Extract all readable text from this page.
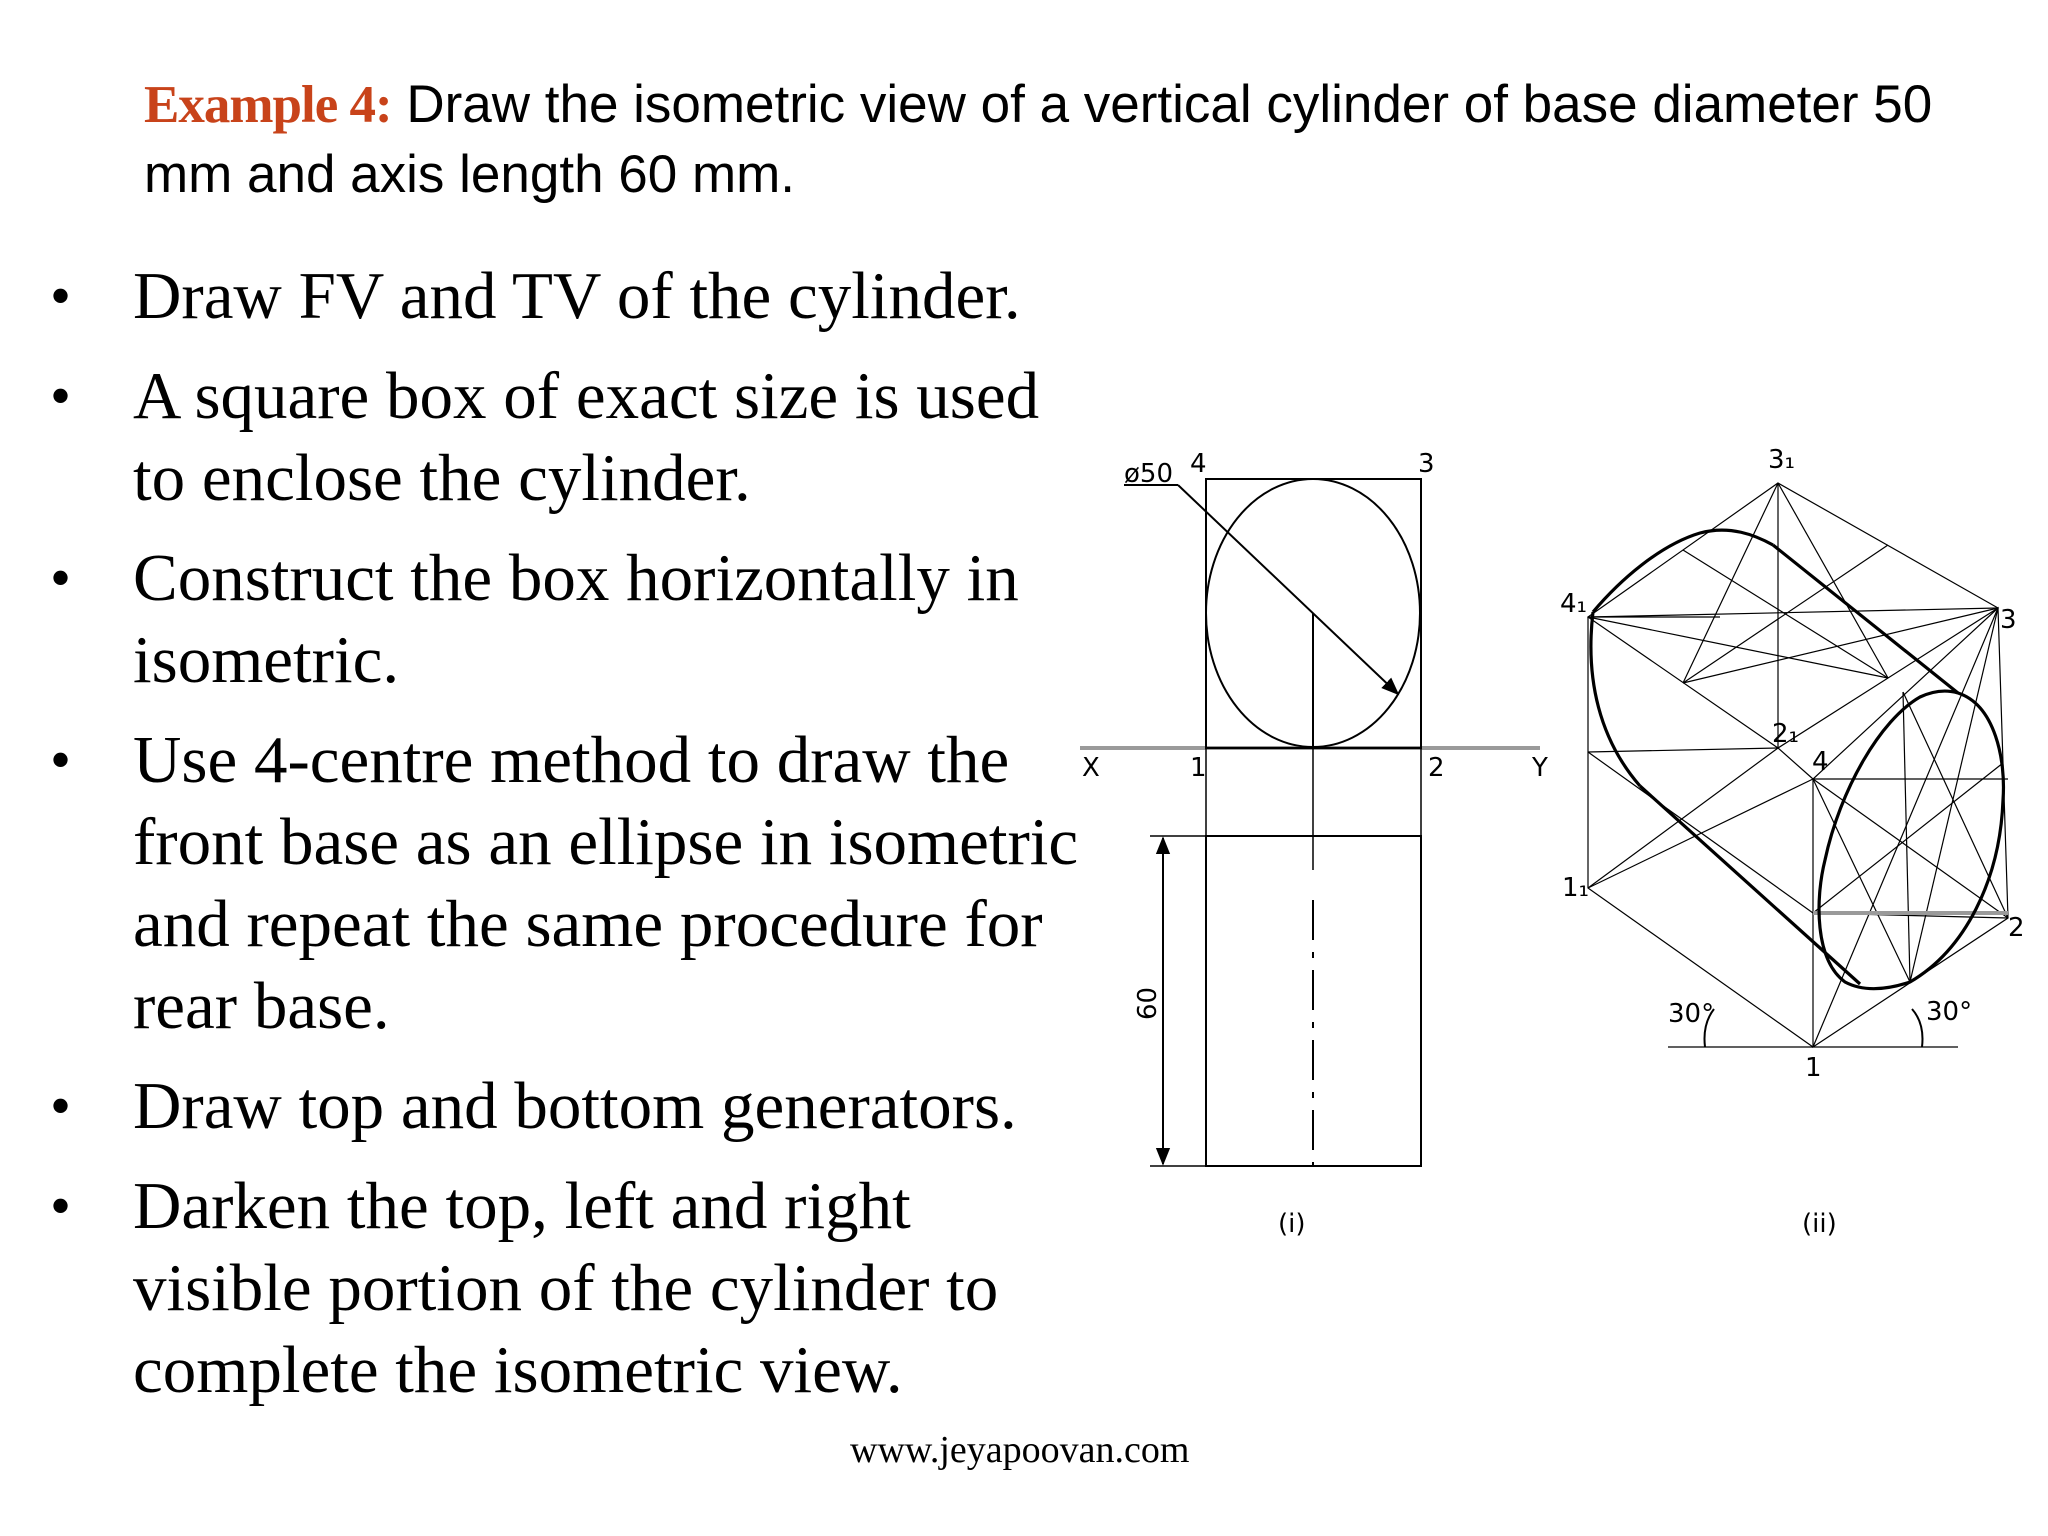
Example 4: Draw the isometric view of a vertical cylinder of base diameter 50 mm and axis length 60 mm.
• Draw FV and TV of the cylinder.
• A square box of exact size is used to enclose the cylinder.
• Construct the box horizontally in isometric.
• Use 4-centre method to draw the front base as an ellipse in isometric and repeat the same procedure for rear base.
• Draw top and bottom generators.
• Darken the top, left and right visible portion of the cylinder to complete the isometric view.
ø50 4	3
X	Y
1	2
60
(i)
3₁
4₁
3
2₁
4
1₁
2
1
30°	30°
(ii)
www.jeyapoovan.com
